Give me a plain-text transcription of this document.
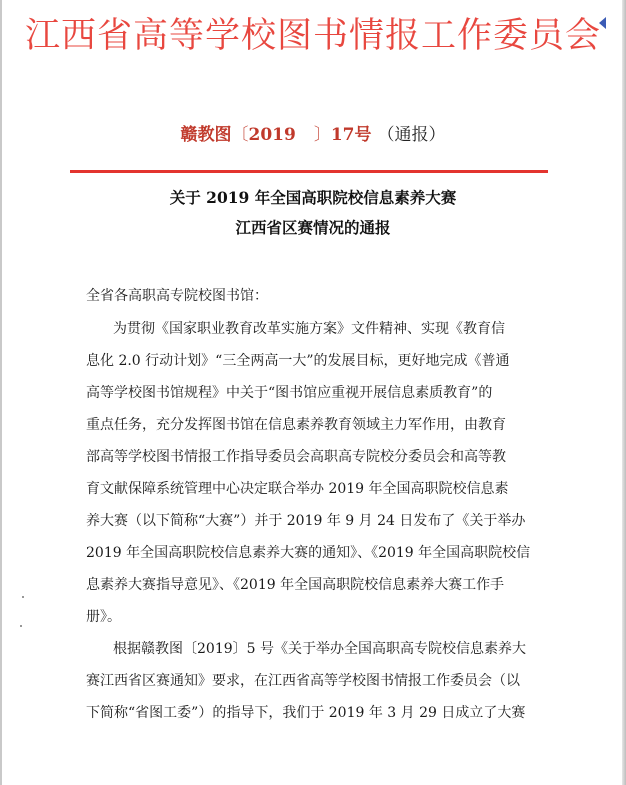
江西省高等学校图书情报工作委员会
赣教图〔2019 〕17号 （通报）
关于 2019 年全国高职院校信息素养大赛
江西省区赛情况的通报
全省各高职高专院校图书馆：
为贯彻《国家职业教育改革实施方案》文件精神、实现《教育信
息化 2.0 行动计划》“三全两高一大”的发展目标，更好地完成《普通
高等学校图书馆规程》中关于“图书馆应重视开展信息素质教育”的
重点任务，充分发挥图书馆在信息素养教育领域主力军作用，由教育
部高等学校图书情报工作指导委员会高职高专院校分委员会和高等教
育文献保障系统管理中心决定联合举办 2019 年全国高职院校信息素
养大赛（以下简称“大赛”）并于 2019 年 9 月 24 日发布了《关于举办
2019 年全国高职院校信息素养大赛的通知》、《2019 年全国高职院校信
息素养大赛指导意见》、《2019 年全国高职院校信息素养大赛工作手
册》。
根据赣教图〔2019〕5 号《关于举办全国高职高专院校信息素养大
赛江西省区赛通知》要求，在江西省高等学校图书情报工作委员会（以
下简称“省图工委”）的指导下，我们于 2019 年 3 月 29 日成立了大赛
